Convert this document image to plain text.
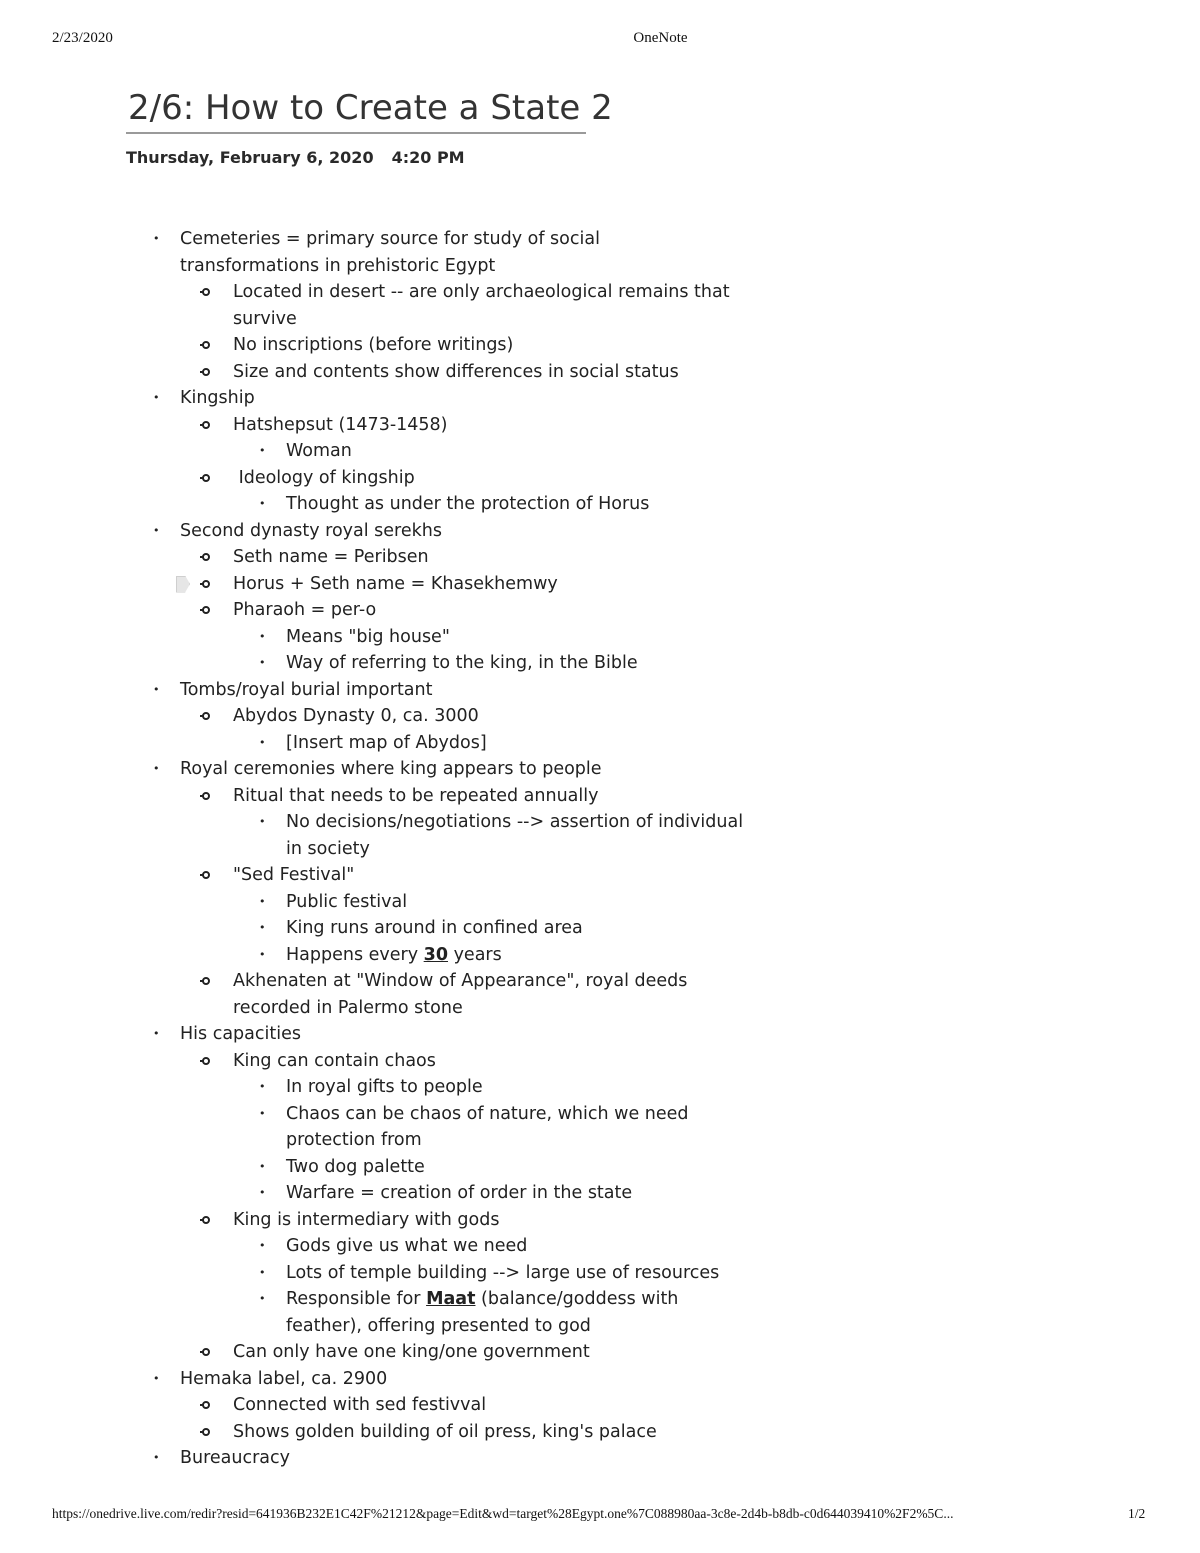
2/23/2020	OneNote
2/6: How to Create a State 2
Thursday, February 6, 2020 4:20 PM
• Cemeteries = primary source for study of social transformations in prehistoric Egypt
Located in desert -- are only archaeological remains that survive
No inscriptions (before writings)
Size and contents show differences in social status
• Kingship
Hatshepsut (1473-1458)
• Woman
Ideology of kingship
• Thought as under the protection of Horus
• Second dynasty royal serekhs
Seth name = Peribsen
Horus + Seth name = Khasekhemwy
Pharaoh = per-o
• Means "big house"
• Way of referring to the king, in the Bible
• Tombs/royal burial important
Abydos Dynasty 0, ca. 3000
• [Insert map of Abydos]
• Royal ceremonies where king appears to people
Ritual that needs to be repeated annually
• No decisions/negotiations --> assertion of individual in society
"Sed Festival"
• Public festival
• King runs around in confined area
• Happens every 30 years
Akhenaten at "Window of Appearance", royal deeds recorded in Palermo stone
• His capacities
King can contain chaos
• In royal gifts to people
• Chaos can be chaos of nature, which we need protection from
• Two dog palette
• Warfare = creation of order in the state
King is intermediary with gods
• Gods give us what we need
• Lots of temple building --> large use of resources
• Responsible for Maat (balance/goddess with feather), offering presented to god
Can only have one king/one government
• Hemaka label, ca. 2900
Connected with sed festivval
Shows golden building of oil press, king's palace
• Bureaucracy
https://onedrive.live.com/redir?resid=641936B232E1C42F%21212&page=Edit&wd=target%28Egypt.one%7C088980aa-3c8e-2d4b-b8db-c0d644039410%2F2%5C...	1/2
